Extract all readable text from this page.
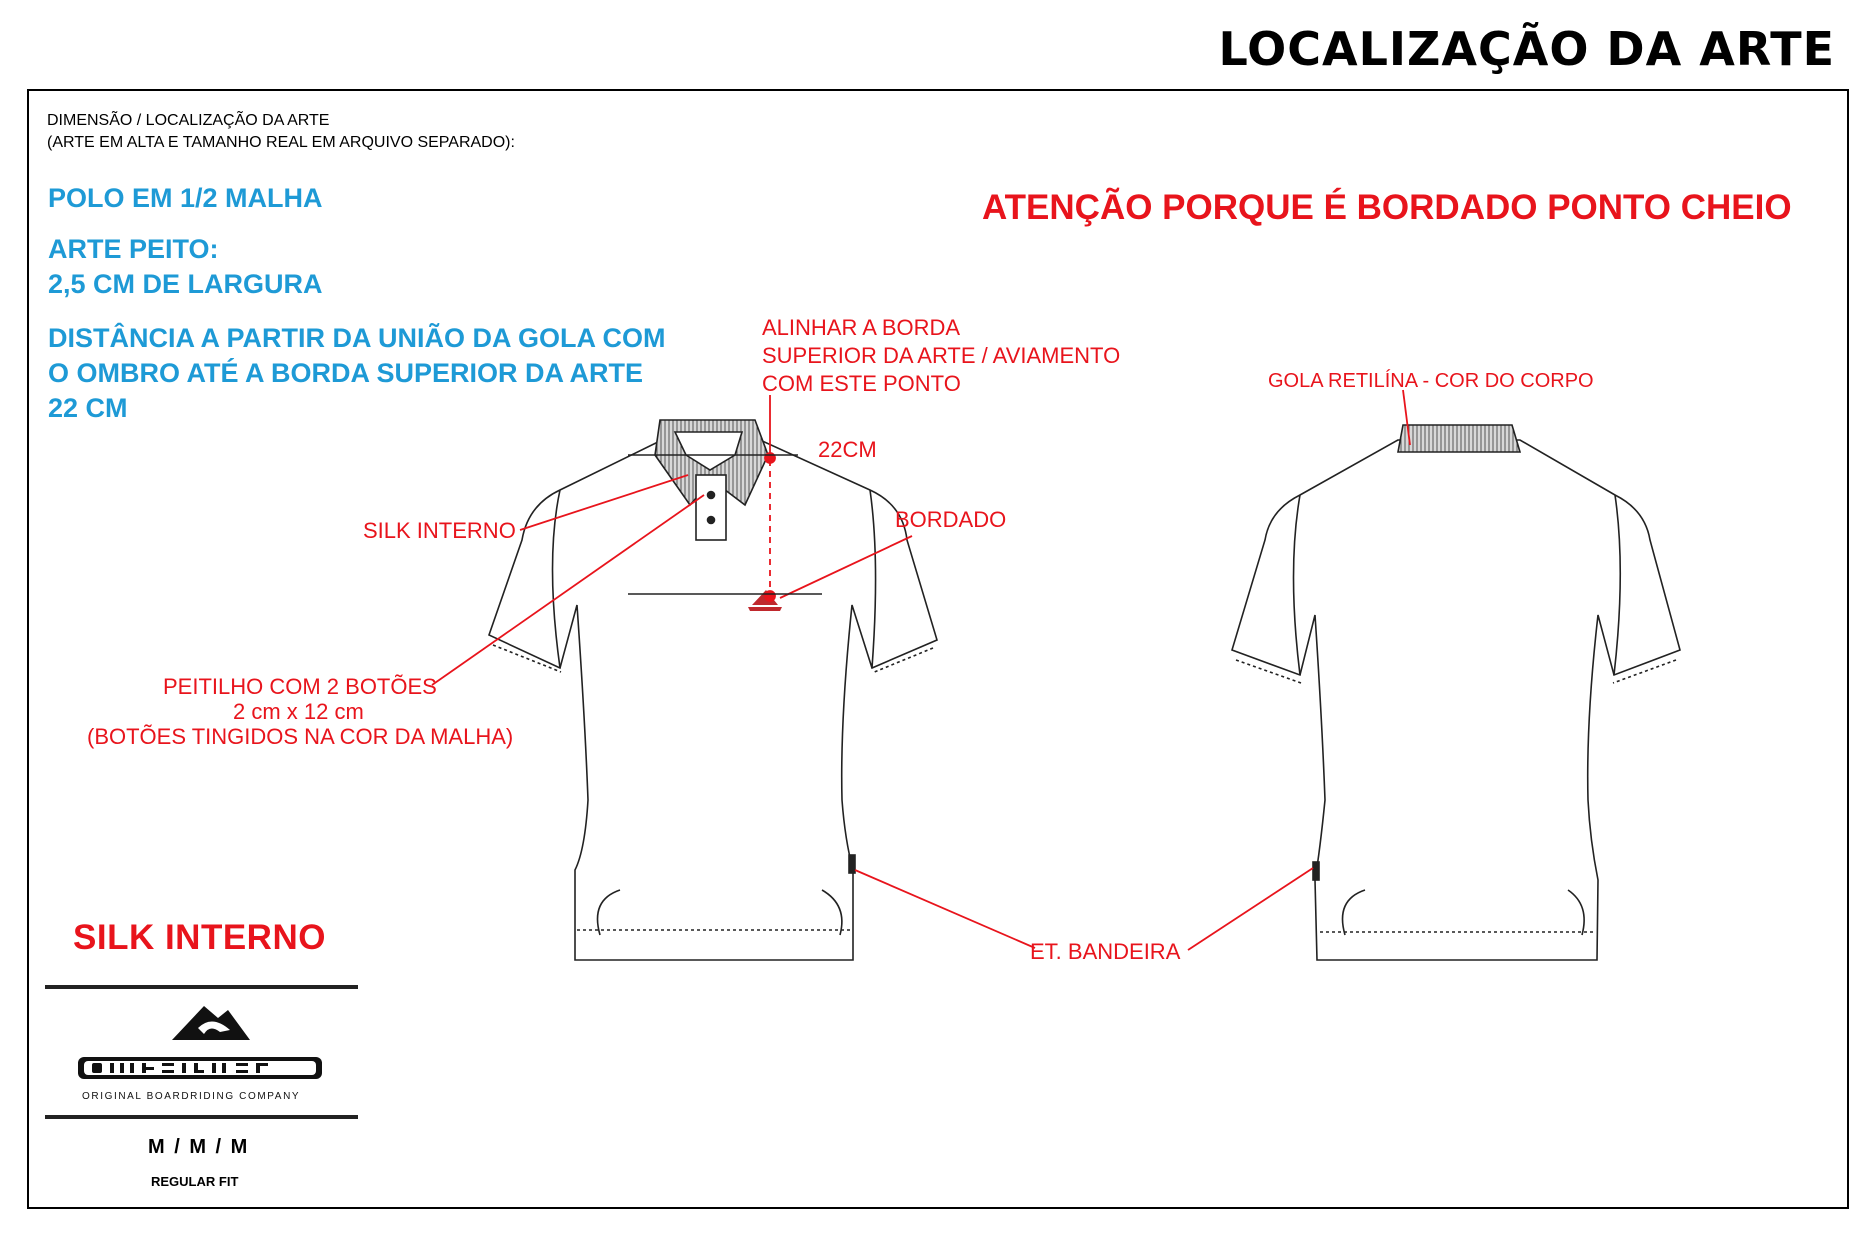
LOCALIZAÇÃO DA ARTE
DIMENSÃO / LOCALIZAÇÃO DA ARTE
(ARTE EM ALTA E TAMANHO REAL EM ARQUIVO SEPARADO):
POLO EM 1/2 MALHA
ARTE PEITO:
2,5 CM DE LARGURA
DISTÂNCIA A PARTIR DA UNIÃO DA GOLA COM
O OMBRO ATÉ A BORDA SUPERIOR DA ARTE
22 CM
ATENÇÃO PORQUE É BORDADO PONTO CHEIO
ALINHAR A BORDA
SUPERIOR DA ARTE / AVIAMENTO
COM ESTE PONTO
22CM
SILK INTERNO	BORDADO
PEITILHO COM 2 BOTÕES
2 cm x 12 cm
(BOTÕES TINGIDOS NA COR DA MALHA)
ET. BANDEIRA
GOLA RETILÍNA - COR DO CORPO
SILK INTERNO
ORIGINAL BOARDRIDING COMPANY
M / M / M
REGULAR FIT
